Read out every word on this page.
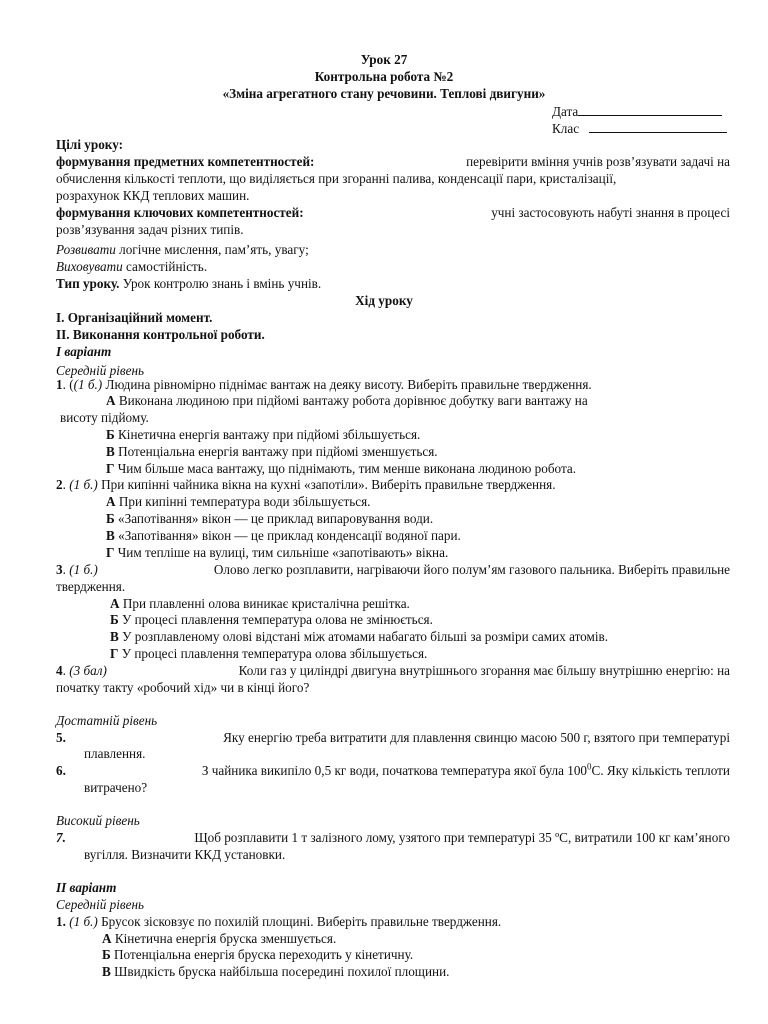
Урок 27
Контрольна робота №2
«Зміна агрегатного стану речовини. Теплові двигуни»
Дата
Клас
Цілі уроку:
формування предметних компетентностей:	перевірити вміння учнів розв’язувати задачі на
обчислення кількості теплоти, що виділяється при згоранні палива, конденсації пари, кристалізації,
розрахунок ККД теплових машин.
формування ключових компетентностей:	учні застосовують набуті знання в процесі
розв’язування задач різних типів.
Розвивати логічне мислення, пам’ять, увагу;
Виховувати самостійність.
Тип уроку. Урок контролю знань і вмінь учнів.
Хід уроку
I. Організаційний момент.
II. Виконання контрольної роботи.
I варіант
Середній рівень
1. ((1 б.) Людина рівномірно піднімає вантаж на деяку висоту. Виберіть правильне твердження.
А Виконана людиною при підйомі вантажу робота дорівнює добутку ваги вантажу на
висоту підйому.
Б Кінетична енергія вантажу при підйомі збільшується.
В Потенціальна енергія вантажу при підйомі зменшується.
Г Чим більше маса вантажу, що піднімають, тим менше виконана людиною робота.
2. (1 б.) При кипінні чайника вікна на кухні «запотіли». Виберіть правильне твердження.
А При кипінні температура води збільшується.
Б «Запотівання» вікон — це приклад випаровування води.
В «Запотівання» вікон — це приклад конденсації водяної пари.
Г Чим тепліше на вулиці, тим сильніше «запотівають» вікна.
3. (1 б.)	Олово легко розплавити, нагріваючи його полум’ям газового пальника. Виберіть правильне
твердження.
А При плавленні олова виникає кристалічна решітка.
Б У процесі плавлення температура олова не змінюється.
В У розплавленому олові відстані між атомами набагато більші за розміри самих атомів.
Г У процесі плавлення температура олова збільшується.
4. (3 бал)	Коли газ у циліндрі двигуна внутрішнього згорання має більшу внутрішню енергію: на
початку такту «робочий хід» чи в кінці його?
Достатній рівень
5.	Яку енергію треба витратити для плавлення свинцю масою 500 г, взятого при температурі
плавлення.
6.	З чайника википіло 0,5 кг води, початкова температура якої була $100^0С$. Яку кількість теплоти
витрачено?
Високий рівень
7.	Щоб розплавити 1 т залізного лому, узятого при температурі 35 ºС, витратили 100 кг кам’яного
вугілля. Визначити ККД установки.
II варіант
Середній рівень
1. (1 б.) Брусок зісковзує по похилій площині. Виберіть правильне твердження.
А Кінетична енергія бруска зменшується.
Б Потенціальна енергія бруска переходить у кінетичну.
В Швидкість бруска найбільша посередині похилої площини.
